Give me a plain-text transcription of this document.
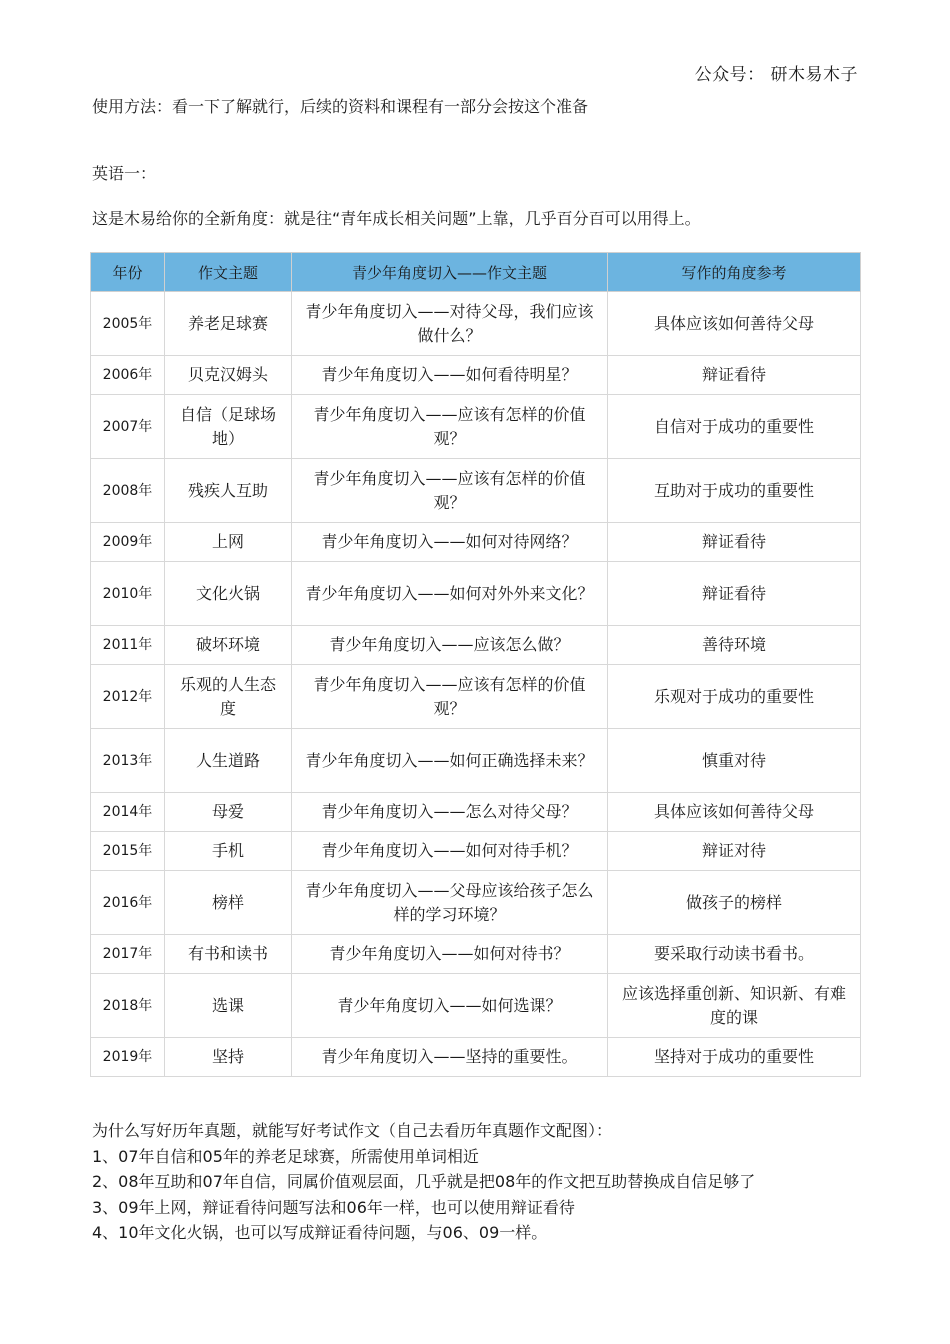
公众号： 研木易木子
使用方法：看一下了解就行，后续的资料和课程有一部分会按这个准备
英语一：
这是木易给你的全新角度：就是往“青年成长相关问题”上靠，几乎百分百可以用得上。
年份	作文主题	青少年角度切入——作文主题	写作的角度参考
2005年	养老足球赛	青少年角度切入——对待父母，我们应该做什么？	具体应该如何善待父母
2006年	贝克汉姆头	青少年角度切入——如何看待明星？	辩证看待
2007年	自信（足球场地）	青少年角度切入——应该有怎样的价值观？	自信对于成功的重要性
2008年	残疾人互助	青少年角度切入——应该有怎样的价值观？	互助对于成功的重要性
2009年	上网	青少年角度切入——如何对待网络？	辩证看待
2010年	文化火锅	青少年角度切入——如何对外外来文化？	辩证看待
2011年	破坏环境	青少年角度切入——应该怎么做？	善待环境
2012年	乐观的人生态度	青少年角度切入——应该有怎样的价值观？	乐观对于成功的重要性
2013年	人生道路	青少年角度切入——如何正确选择未来？	慎重对待
2014年	母爱	青少年角度切入——怎么对待父母？	具体应该如何善待父母
2015年	手机	青少年角度切入——如何对待手机？	辩证对待
2016年	榜样	青少年角度切入——父母应该给孩子怎么样的学习环境？	做孩子的榜样
2017年	有书和读书	青少年角度切入——如何对待书？	要采取行动读书看书。
2018年	选课	青少年角度切入——如何选课？	应该选择重创新、知识新、有难度的课
2019年	坚持	青少年角度切入——坚持的重要性。	坚持对于成功的重要性

为什么写好历年真题，就能写好考试作文（自己去看历年真题作文配图）：

1、07年自信和05年的养老足球赛，所需使用单词相近

2、08年互助和07年自信，同属价值观层面，几乎就是把08年的作文把互助替换成自信足够了

3、09年上网，辩证看待问题写法和06年一样，也可以使用辩证看待

4、10年文化火锅，也可以写成辩证看待问题，与06、09一样。
